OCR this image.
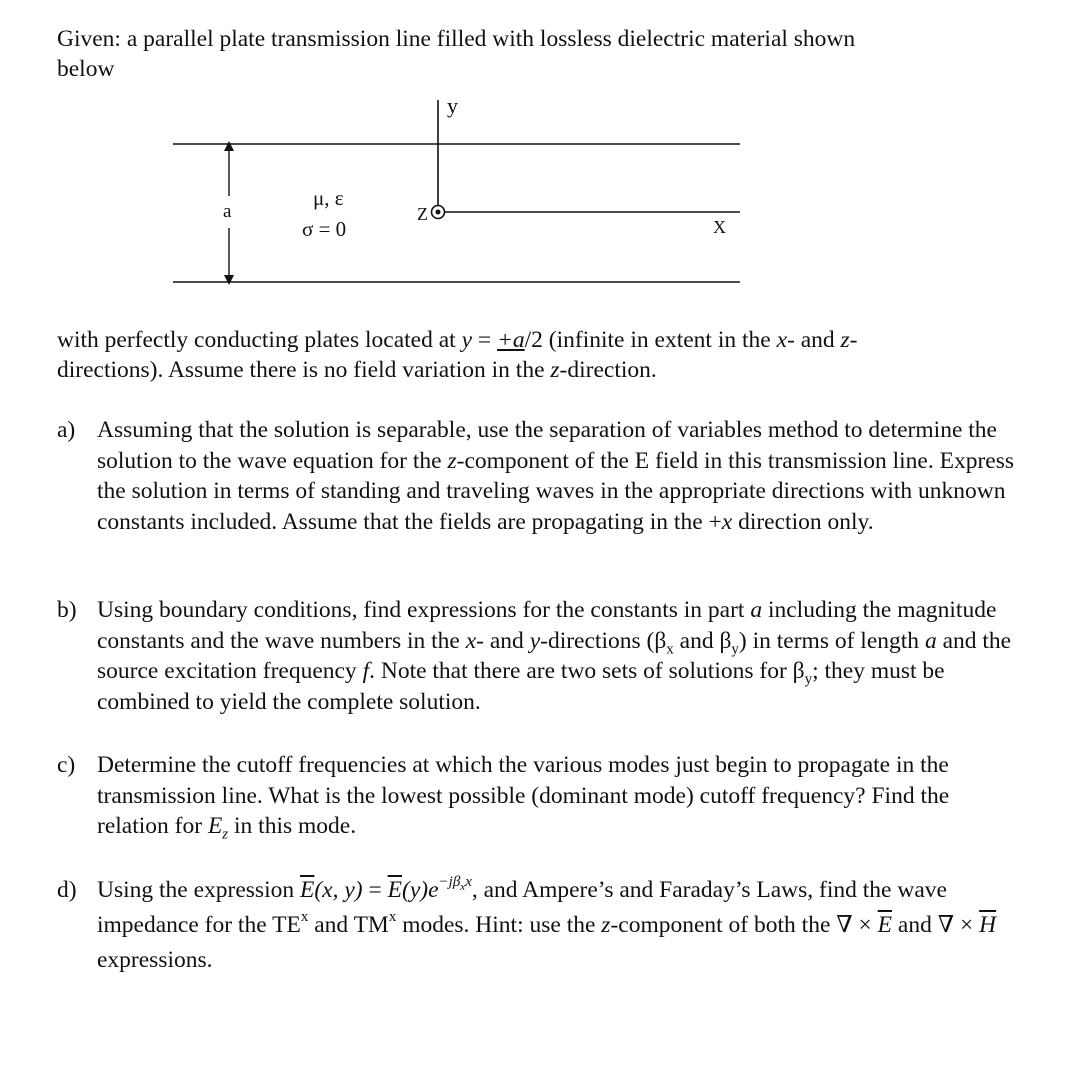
Given: a parallel plate transmission line filled with lossless dielectric material shown
below
y
a
μ, ε
σ = 0
Z
X
with perfectly conducting plates located at y = +a/2 (infinite in extent in the x- and z-
directions). Assume there is no field variation in the z-direction.
a) Assuming that the solution is separable, use the separation of variables method to determine the solution to the wave equation for the z-component of the E field in this transmission line. Express the solution in terms of standing and traveling waves in the appropriate directions with unknown constants included. Assume that the fields are propagating in the +x direction only.
b) Using boundary conditions, find expressions for the constants in part a including the magnitude constants and the wave numbers in the x- and y-directions ($\beta_x$ and $\beta_y$) in terms of length a and the source excitation frequency f. Note that there are two sets of solutions for $\beta_y$; they must be combined to yield the complete solution.
c) Determine the cutoff frequencies at which the various modes just begin to propagate in the transmission line. What is the lowest possible (dominant mode) cutoff frequency? Find the relation for $E_z$ in this mode.
d) Using the expression $\overline{E}(x$, $y) = \overline{E}(y)e^{-j\beta_xx}$, and Ampere’s and Faraday’s Laws, find the wave impedance for the $TE^x$ and $TM^x$ modes. Hint: use the z-component of both the ∇ × $\overline{E}$ and ∇ × $\overline{H}$ expressions.
